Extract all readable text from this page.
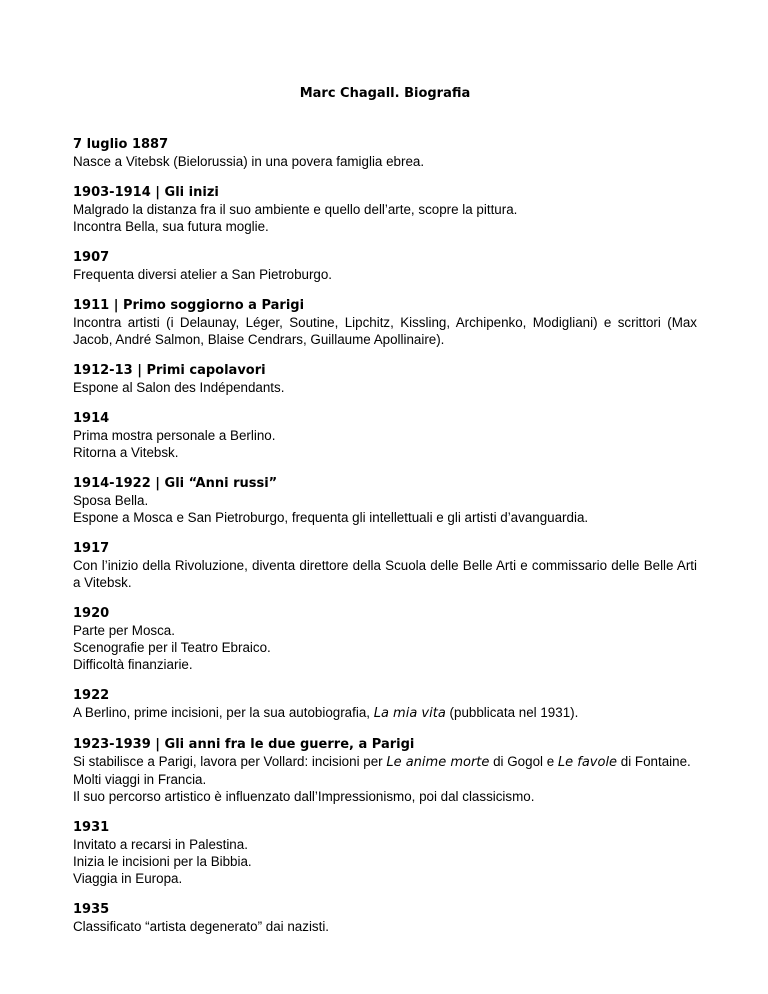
Marc Chagall. Biografia
7 luglio 1887
Nasce a Vitebsk (Bielorussia) in una povera famiglia ebrea.
1903-1914 | Gli inizi
Malgrado la distanza fra il suo ambiente e quello dell’arte, scopre la pittura.
Incontra Bella, sua futura moglie.
1907
Frequenta diversi atelier a San Pietroburgo.
1911 | Primo soggiorno a Parigi
Incontra artisti (i Delaunay, Léger, Soutine, Lipchitz, Kissling, Archipenko, Modigliani) e scrittori (Max Jacob, André Salmon, Blaise Cendrars, Guillaume Apollinaire).
1912-13 | Primi capolavori
Espone al Salon des Indépendants.
1914
Prima mostra personale a Berlino.
Ritorna a Vitebsk.
1914-1922 | Gli “Anni russi”
Sposa Bella.
Espone a Mosca e San Pietroburgo, frequenta gli intellettuali e gli artisti d’avanguardia.
1917
Con l’inizio della Rivoluzione, diventa direttore della Scuola delle Belle Arti e commissario delle Belle Arti a Vitebsk.
1920
Parte per Mosca.
Scenografie per il Teatro Ebraico.
Difficoltà finanziarie.
1922
A Berlino, prime incisioni, per la sua autobiografia, La mia vita (pubblicata nel 1931).
1923-1939 | Gli anni fra le due guerre, a Parigi
Si stabilisce a Parigi, lavora per Vollard: incisioni per Le anime morte di Gogol e Le favole di Fontaine.
Molti viaggi in Francia.
Il suo percorso artistico è influenzato dall’Impressionismo, poi dal classicismo.
1931
Invitato a recarsi in Palestina.
Inizia le incisioni per la Bibbia.
Viaggia in Europa.
1935
Classificato “artista degenerato” dai nazisti.
